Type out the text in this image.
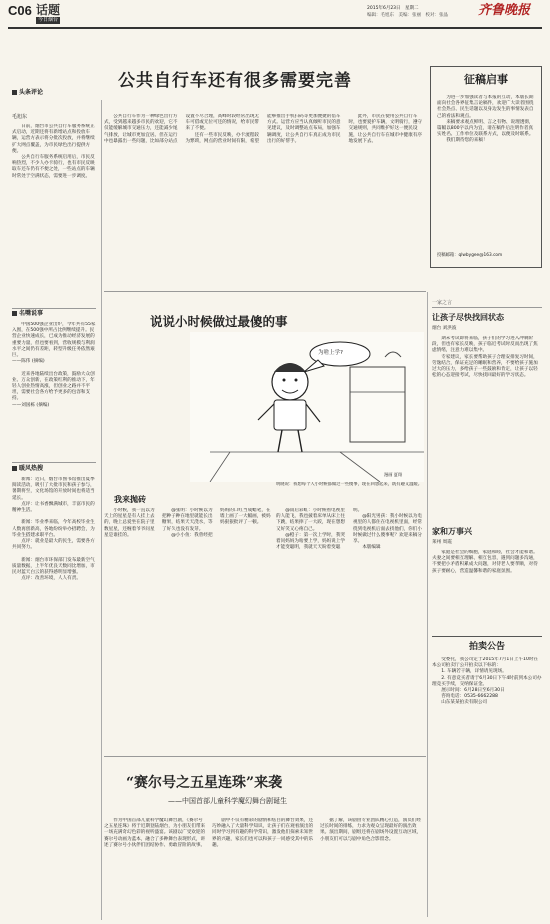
C06 话题
今日烟台
2015年6月23日　星期二
编辑：毛旭东　美编：张丽　校对：张晶 齐鲁晚报
头条评论
毛旭东
　　日前，烟台市公共自行车服务系统正式启动，近期还将有新增站点和投放车辆，运营方表示将分批次投放，并将继续扩大网点覆盖，为市民绿色出行提供方便。
　　公共自行车服务系统启用后，市民反响热烈，不少人办卡骑行，也有市民反映取车还车仍有不便之处，一些站点的车辆时常处于空满状态，需要进一步调度。
名嘴说事
　　中国500强企业出炉，今年共有55家入围，在500强中所占比例继续提升。民营企业快速成长，已成为推动经济发展的重要力量，但也要看到，营收规模与利润水平之间仍有差距，转型升级任务依然艰巨。
——陈伟 (摘编)

　　近来各地陆续出台政策，鼓励大众创业、万众创新，在政策红利的推动下，年轻人创业热情高涨，但创业之路并不平坦，需要社会各方给予更多的包容和支持。
——刘国栋 (摘编)
暖风热搜
　　新闻：近日，烟台市图书馆推出夏季阅读活动，吸引了大批市民和孩子参与，暑期将至，文化场馆的开放时间也将适当延长。
　　点评：让书香飘满城市，丰富市民的精神生活。

　　新闻：毕业季来临，今年高校毕业生人数再创新高，各地纷纷举办招聘会，为毕业生搭建求职平台。
　　点评：就业是最大的民生，需要各方共同努力。

　　新闻：烟台市环保部门发布最新空气质量数据，上半年优良天数同比增加，市民对蓝天白云的获得感明显增强。
　　点评：改善环境，人人有责。
公共自行车还有很多需要完善
　　公共自行车作为一种绿色出行方式，受到越来越多市民的欢迎，它不仅能缓解城市交通压力，还能减少尾气排放，让城市更加宜居。但在运行中也暴露出一些问题，比如部分站点设置不尽合理，高峰时段经常出现无车可借或无位可还的情况，给市民带来了不便。
　　还有一些市民反映，办卡流程较为繁琐，网点的营业时间有限，希望能够推出手机扫码等更加便捷的借车方式。运营方应当认真倾听市民的意见建议，及时调整站点布局，加强车辆调度，让公共自行车真正成为市民出行的好帮手。
　　此外，市民在使用公共自行车时，也要爱护车辆，文明骑行，遵守交通规则，共同维护好这一便民设施，让公共自行车在城市中健康有序地发展下去。
征稿启事
　　为进一步加强读者与本报的互动，本版长期面向社会各界征集言论稿件，欢迎广大读者围绕社会热点、民生话题以及身边发生的事情发表自己的看法和观点。
　　来稿要求观点鲜明、言之有物、说理透彻，篇幅以800字以内为宜，请在稿件后注明作者真实姓名、工作单位及联系方式，以便及时联系。
　　我们期待您的来稿！
投稿邮箱：qlwbygee@163.com
说说小时候做过最傻的事
为啥上学?
漫画 夏翔
明晓说：我想每个人小时候都做过一些傻事，现在回想起来，既有趣又温暖。
我来抛砖
　　小时候，我一直以为天上的星星是有人挂上去的，晚上总爱坐在院子里数星星，还缠着爷爷问星星是谁挂的。
　　@张明：小时候以为把种子种在地里就能长出糖果，结果天天浇水，等了好久也没有发芽。
　　@小小鱼：我曾经把妈妈的口红当成蜡笔，在墙上画了一大幅画，被妈妈狠狠批评了一顿。
　　@雨后彩虹：小时候看电视里的人能飞，我也披着床单从床上往下跳，结果摔了一大跤，现在想想又好笑又心疼自己。
　　@橙子：第一次上学时，我哭着问妈妈为啥要上学，妈妈说上学才能变聪明，我就天天盼着变聪明。
　　@阳光男孩：我小时候以为电视里的人都住在电视机里面，经常绕到电视机后面去找他们，你们小时候做过什么傻事呢？欢迎来稿分享。
　　本版编辑
一家之言
让孩子尽快找回状态
烟台 刘洪波
　　期末考试即将来临，孩子们的学习进入冲刺阶段，但也有家长反映，孩子临近考试时反而出现了焦虑情绪，注意力难以集中。
　　专家建议，家长要帮助孩子合理安排复习时间，劳逸结合，保证充足的睡眠和营养，不要给孩子施加过大的压力，多给孩子一些鼓励和肯定，让孩子以轻松的心态迎接考试，尽快找回最好的学习状态。
家和万事兴
莱州 周霞
　　家庭是社会的细胞，家庭和睦，社会才能和谐。夫妻之间要相互理解、相互包容，遇到问题多沟通，不要把小矛盾积累成大问题，对待老人要孝顺，对待孩子要耐心，营造温馨和谐的家庭氛围。
拍卖公告
　　受委托，我公司定于2015年7月1日上午10时在本公司拍卖厅公开拍卖以下标的：
　　1. 车辆若干辆，详情请见现场。
　　2. 有意竞买者请于6月30日下午4时前到本公司办理竞买手续，交纳保证金。
　　展示时间：6月28日至6月30日
　　咨询电话：0535-6662288
　　山东某某拍卖有限公司
“赛尔号之五星连珠”来袭
——中国首部儿童科学魔幻舞台剧诞生
　　作为中国首部儿童科学魔幻舞台剧，《赛尔号之五星连珠》将于近期登陆烟台，为小朋友们带来一场充满奇幻色彩的视听盛宴。该剧以广受欢迎的赛尔号动画为蓝本，融合了多种舞台表现形式，讲述了赛尔号小伙伴们团结协作、勇敢冒险的故事。
　　剧中不仅有精彩的剧情和炫目的舞台效果，还巧妙融入了大量科学知识，让孩子们在观看演出的同时学习到有趣的科学常识，激发他们探索未知世界的兴趣，家长们也可以和孩子一同感受其中的乐趣。
　　据了解，该剧由专业团队精心打造，演员们经过长时间的排练，力求为观众呈现最好的演出效果。演出期间，剧组还将在剧场外设置互动区域，小朋友们可以与剧中角色合影留念。
